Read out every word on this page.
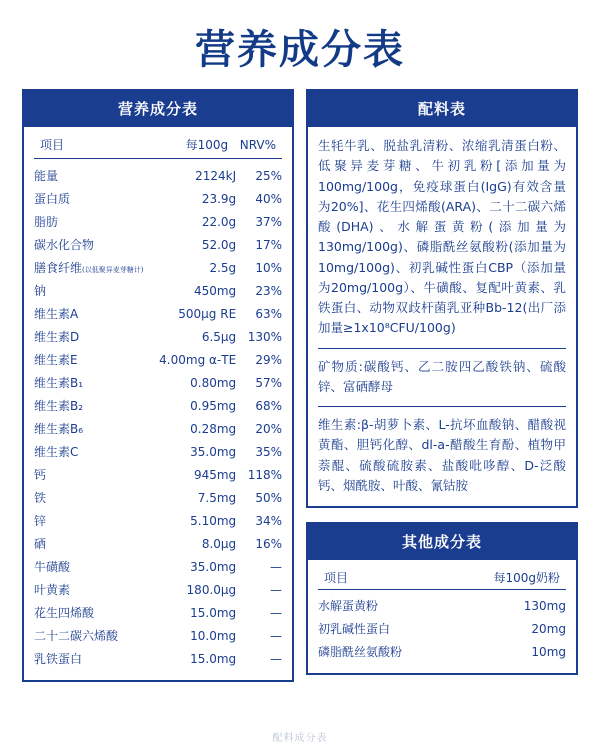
营养成分表
营养成分表
项目	每100g	NRV%
能量	2124kJ	25%
蛋白质	23.9g	40%
脂肪	22.0g	37%
碳水化合物	52.0g	17%
膳食纤维(以低聚异麦芽糖计)	2.5g	10%
钠	450mg	23%
维生素A	500μg RE	63%
维生素D	6.5μg	130%
维生素E	4.00mg α-TE	29%
维生素B₁	0.80mg	57%
维生素B₂	0.95mg	68%
维生素B₆	0.28mg	20%
维生素C	35.0mg	35%
钙	945mg	118%
铁	7.5mg	50%
锌	5.10mg	34%
硒	8.0μg	16%
牛磺酸	35.0mg	—
叶黄素	180.0μg	—
花生四烯酸	15.0mg	—
二十二碳六烯酸	10.0mg	—
乳铁蛋白	15.0mg	—
配料表

生牦牛乳、脱盐乳清粉、浓缩乳清蛋白粉、低聚异麦芽糖、牛初乳粉[添加量为100mg/100g，免疫球蛋白(IgG)有效含量为20%]、花生四烯酸(ARA)、二十二碳六烯酸(DHA)、水解蛋黄粉(添加量为130mg/100g)、磷脂酰丝氨酸粉(添加量为10mg/100g)、初乳碱性蛋白CBP（添加量为20mg/100g）、牛磺酸、复配叶黄素、乳铁蛋白、动物双歧杆菌乳亚种Bb-12(出厂添加量≥1x10⁸CFU/100g)

矿物质:碳酸钙、乙二胺四乙酸铁钠、硫酸锌、富硒酵母

维生素:β-胡萝卜素、L-抗坏血酸钠、醋酸视黄酯、胆钙化醇、dl-a-醋酸生育酚、植物甲萘醌、硫酸硫胺素、盐酸吡哆醇、D-泛酸钙、烟酰胺、叶酸、氰钴胺

其他成分表
项目	每100g奶粉
水解蛋黄粉	130mg
初乳碱性蛋白	20mg
磷脂酰丝氨酸粉	10mg
配料成分表
